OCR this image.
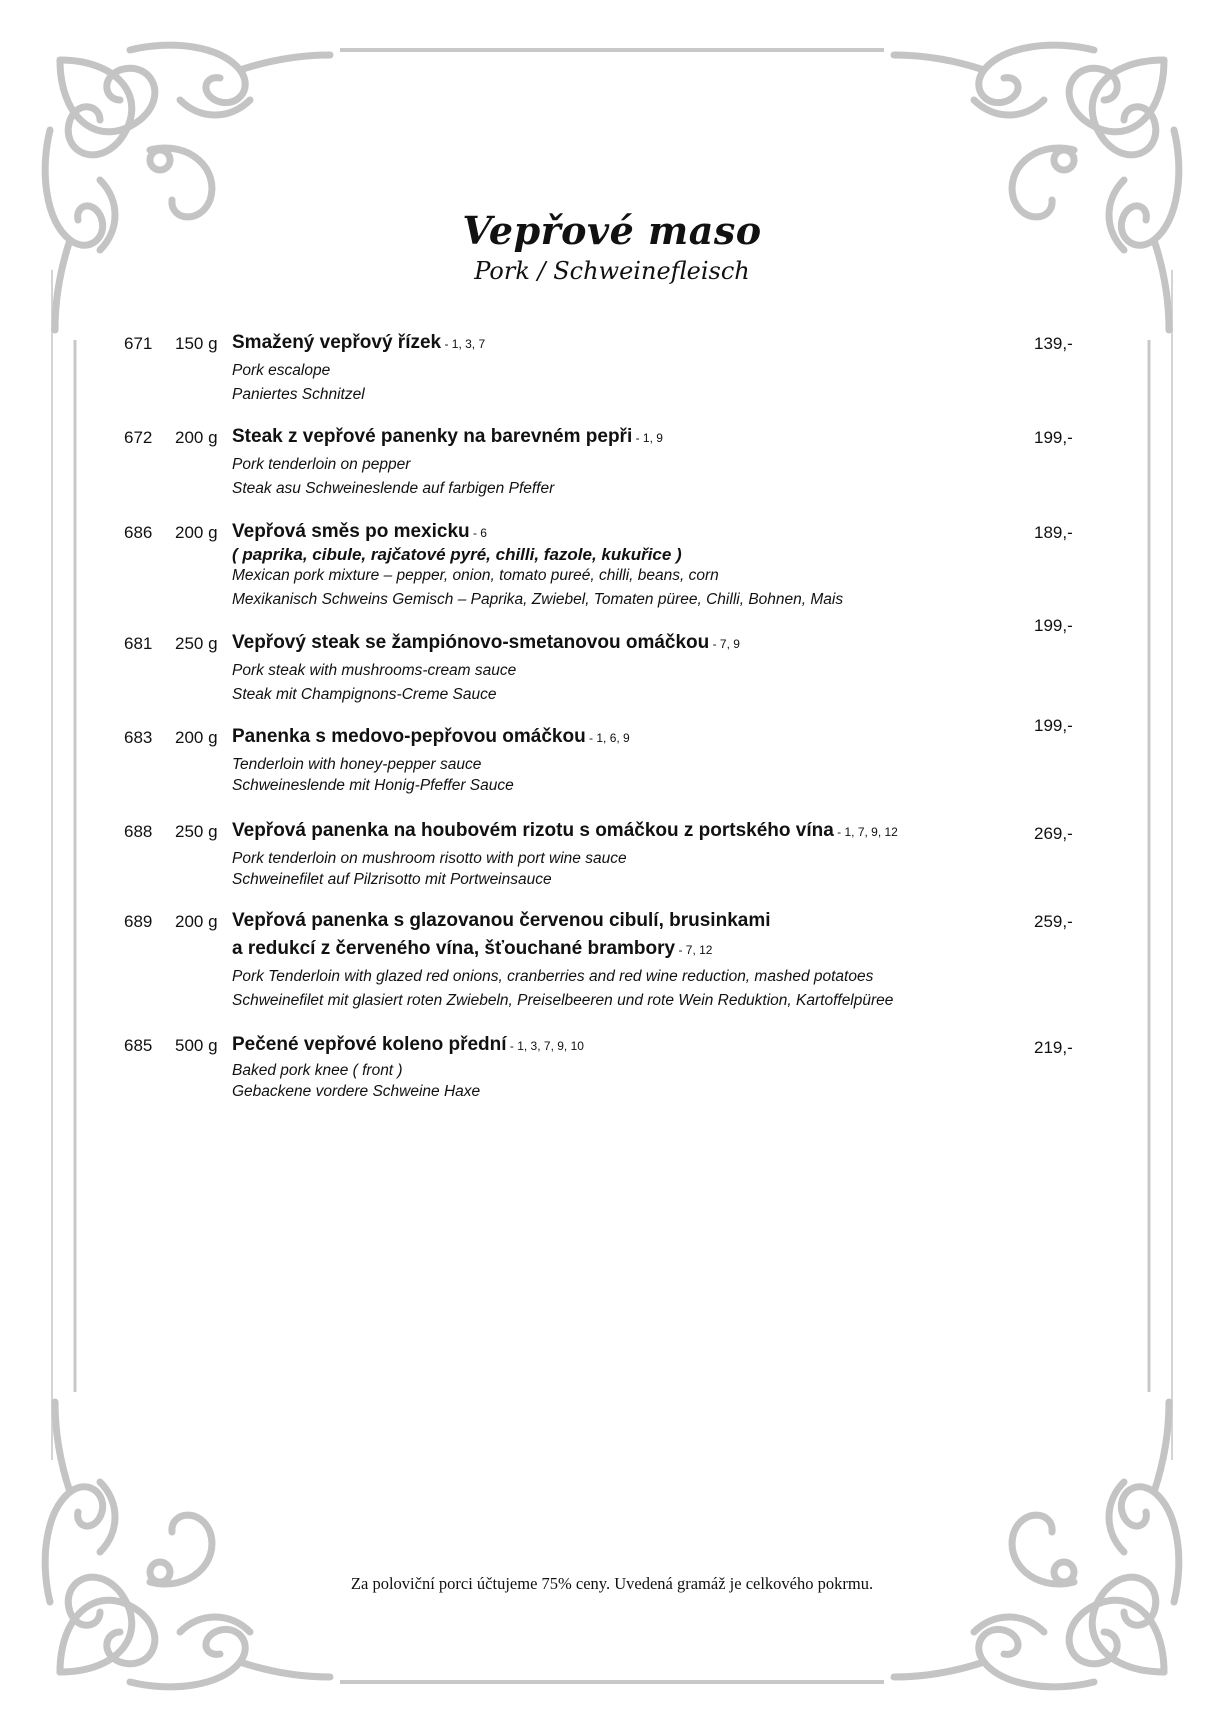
Vepřové maso
Pork / Schweinefleisch
671 150 g Smažený vepřový řízek - 1, 3, 7
Pork escalope
Paniertes Schnitzel
139,-
672 200 g Steak z vepřové panenky na barevném pepři - 1, 9
Pork tenderloin on pepper
Steak asu Schweineslende auf farbigen Pfeffer
199,-
686 200 g Vepřová směs po mexicku - 6
( paprika, cibule, rajčatové pyré, chilli, fazole, kukuřice )
Mexican pork mixture – pepper, onion, tomato pureé, chilli, beans, corn
Mexikanisch Schweins Gemisch – Paprika, Zwiebel, Tomaten püree, Chilli, Bohnen, Mais
189,-
681 250 g Vepřový steak se žampiónovo-smetanovou omáčkou - 7, 9
Pork steak with mushrooms-cream sauce
Steak mit Champignons-Creme Sauce
199,-
683 200 g Panenka s medovo-pepřovou omáčkou - 1, 6, 9
Tenderloin with honey-pepper sauce
Schweineslende mit Honig-Pfeffer Sauce
199,-
688 250 g Vepřová panenka na houbovém rizotu s omáčkou z portského vína - 1, 7, 9, 12
Pork tenderloin on mushroom risotto with port wine sauce
Schweinefilet auf Pilzrisotto mit Portweinsauce
269,-
689 200 g Vepřová panenka s glazovanou červenou cibulí, brusinkami
a redukcí z červeného vína, šťouchané brambory - 7, 12
Pork Tenderloin with glazed red onions, cranberries and red wine reduction, mashed potatoes
Schweinefilet mit glasiert roten Zwiebeln, Preiselbeeren und rote Wein Reduktion, Kartoffelpüree
259,-
685 500 g Pečené vepřové koleno přední - 1, 3, 7, 9, 10
Baked pork knee ( front )
Gebackene vordere Schweine Haxe
219,-
Za poloviční porci účtujeme 75% ceny. Uvedená gramáž je celkového pokrmu.
